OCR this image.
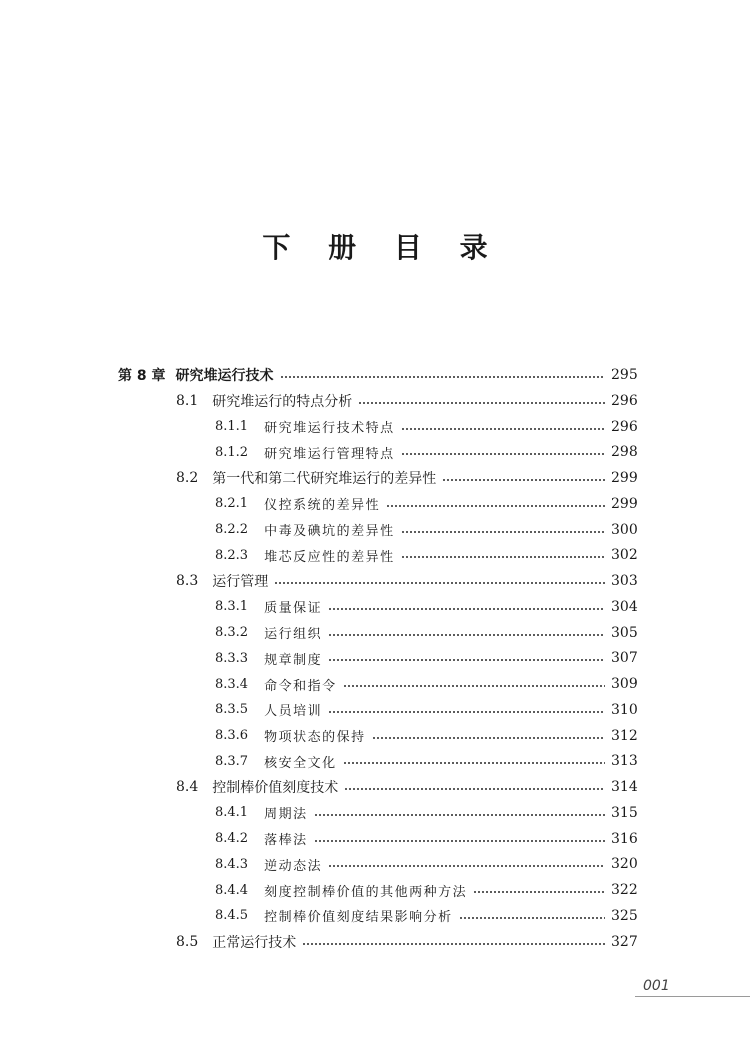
下 册 目 录
第 8 章 研究堆运行技术	295
8.1 研究堆运行的特点分析	296
8.1.1 研究堆运行技术特点	296
8.1.2 研究堆运行管理特点	298
8.2 第一代和第二代研究堆运行的差异性	299
8.2.1 仪控系统的差异性	299
8.2.2 中毒及碘坑的差异性	300
8.2.3 堆芯反应性的差异性	302
8.3 运行管理	303
8.3.1 质量保证	304
8.3.2 运行组织	305
8.3.3 规章制度	307
8.3.4 命令和指令	309
8.3.5 人员培训	310
8.3.6 物项状态的保持	312
8.3.7 核安全文化	313
8.4 控制棒价值刻度技术	314
8.4.1 周期法	315
8.4.2 落棒法	316
8.4.3 逆动态法	320
8.4.4 刻度控制棒价值的其他两种方法	322
8.4.5 控制棒价值刻度结果影响分析	325
8.5 正常运行技术	327
001
